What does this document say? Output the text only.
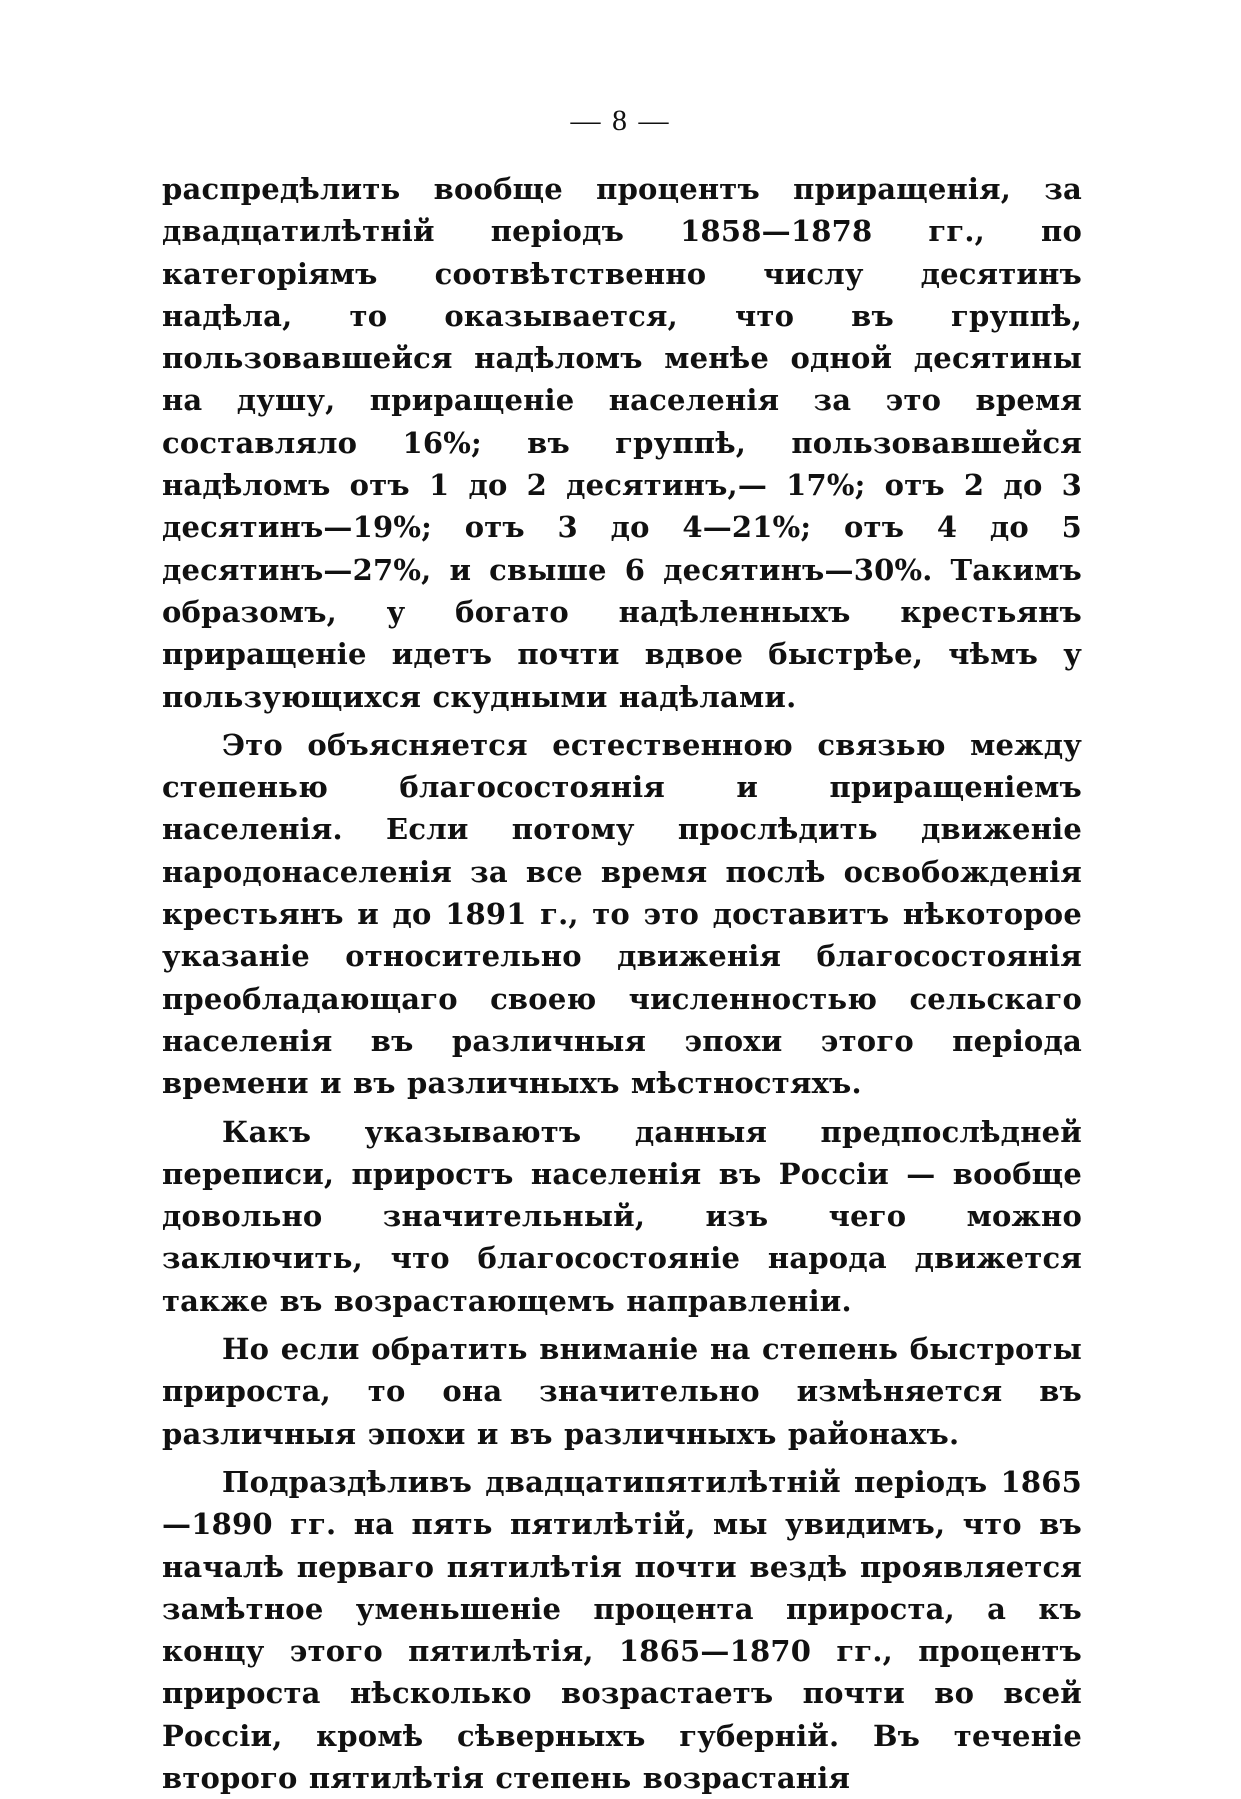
— 8 —

распредѣлить вообще процентъ приращенія, за двадцатилѣтній періодъ 1858—1878 гг., по категоріямъ соотвѣтственно числу десятинъ надѣла, то оказывается, что въ группѣ, пользовавшейся надѣломъ менѣе одной десятины на душу, приращеніе населенія за это время составляло 16%; въ группѣ, пользовавшейся надѣломъ отъ 1 до 2 десятинъ,— 17%; отъ 2 до 3 десятинъ—19%; отъ 3 до 4—21%; отъ 4 до 5 десятинъ—27%, и свыше 6 десятинъ—30%. Такимъ образомъ, у богато надѣленныхъ крестьянъ приращеніе идетъ почти вдвое быстрѣе, чѣмъ у пользующихся скудными надѣлами.

Это объясняется естественною связью между степенью благосостоянія и приращеніемъ населенія. Если потому прослѣдить движеніе народонаселенія за все время послѣ освобожденія крестьянъ и до 1891 г., то это доставитъ нѣкоторое указаніе относительно движенія благосостоянія преобладающаго своею численностью сельскаго населенія въ различныя эпохи этого періода времени и въ различныхъ мѣстностяхъ.

Какъ указываютъ данныя предпослѣдней переписи, приростъ населенія въ Россіи — вообще довольно значительный, изъ чего можно заключить, что благосостояніе народа движется также въ возрастающемъ направленіи.

Но если обратить вниманіе на степень быстроты прироста, то она значительно измѣняется въ различныя эпохи и въ различныхъ районахъ.

Подраздѣливъ двадцатипятилѣтній періодъ 1865—1890 гг. на пять пятилѣтій, мы увидимъ, что въ началѣ перваго пятилѣтія почти вездѣ проявляется замѣтное уменьшеніе процента прироста, а къ концу этого пятилѣтія, 1865—1870 гг., процентъ прироста нѣсколько возрастаетъ почти во всей Россіи, кромѣ сѣверныхъ губерній. Въ теченіе второго пятилѣтія степень возрастанія
